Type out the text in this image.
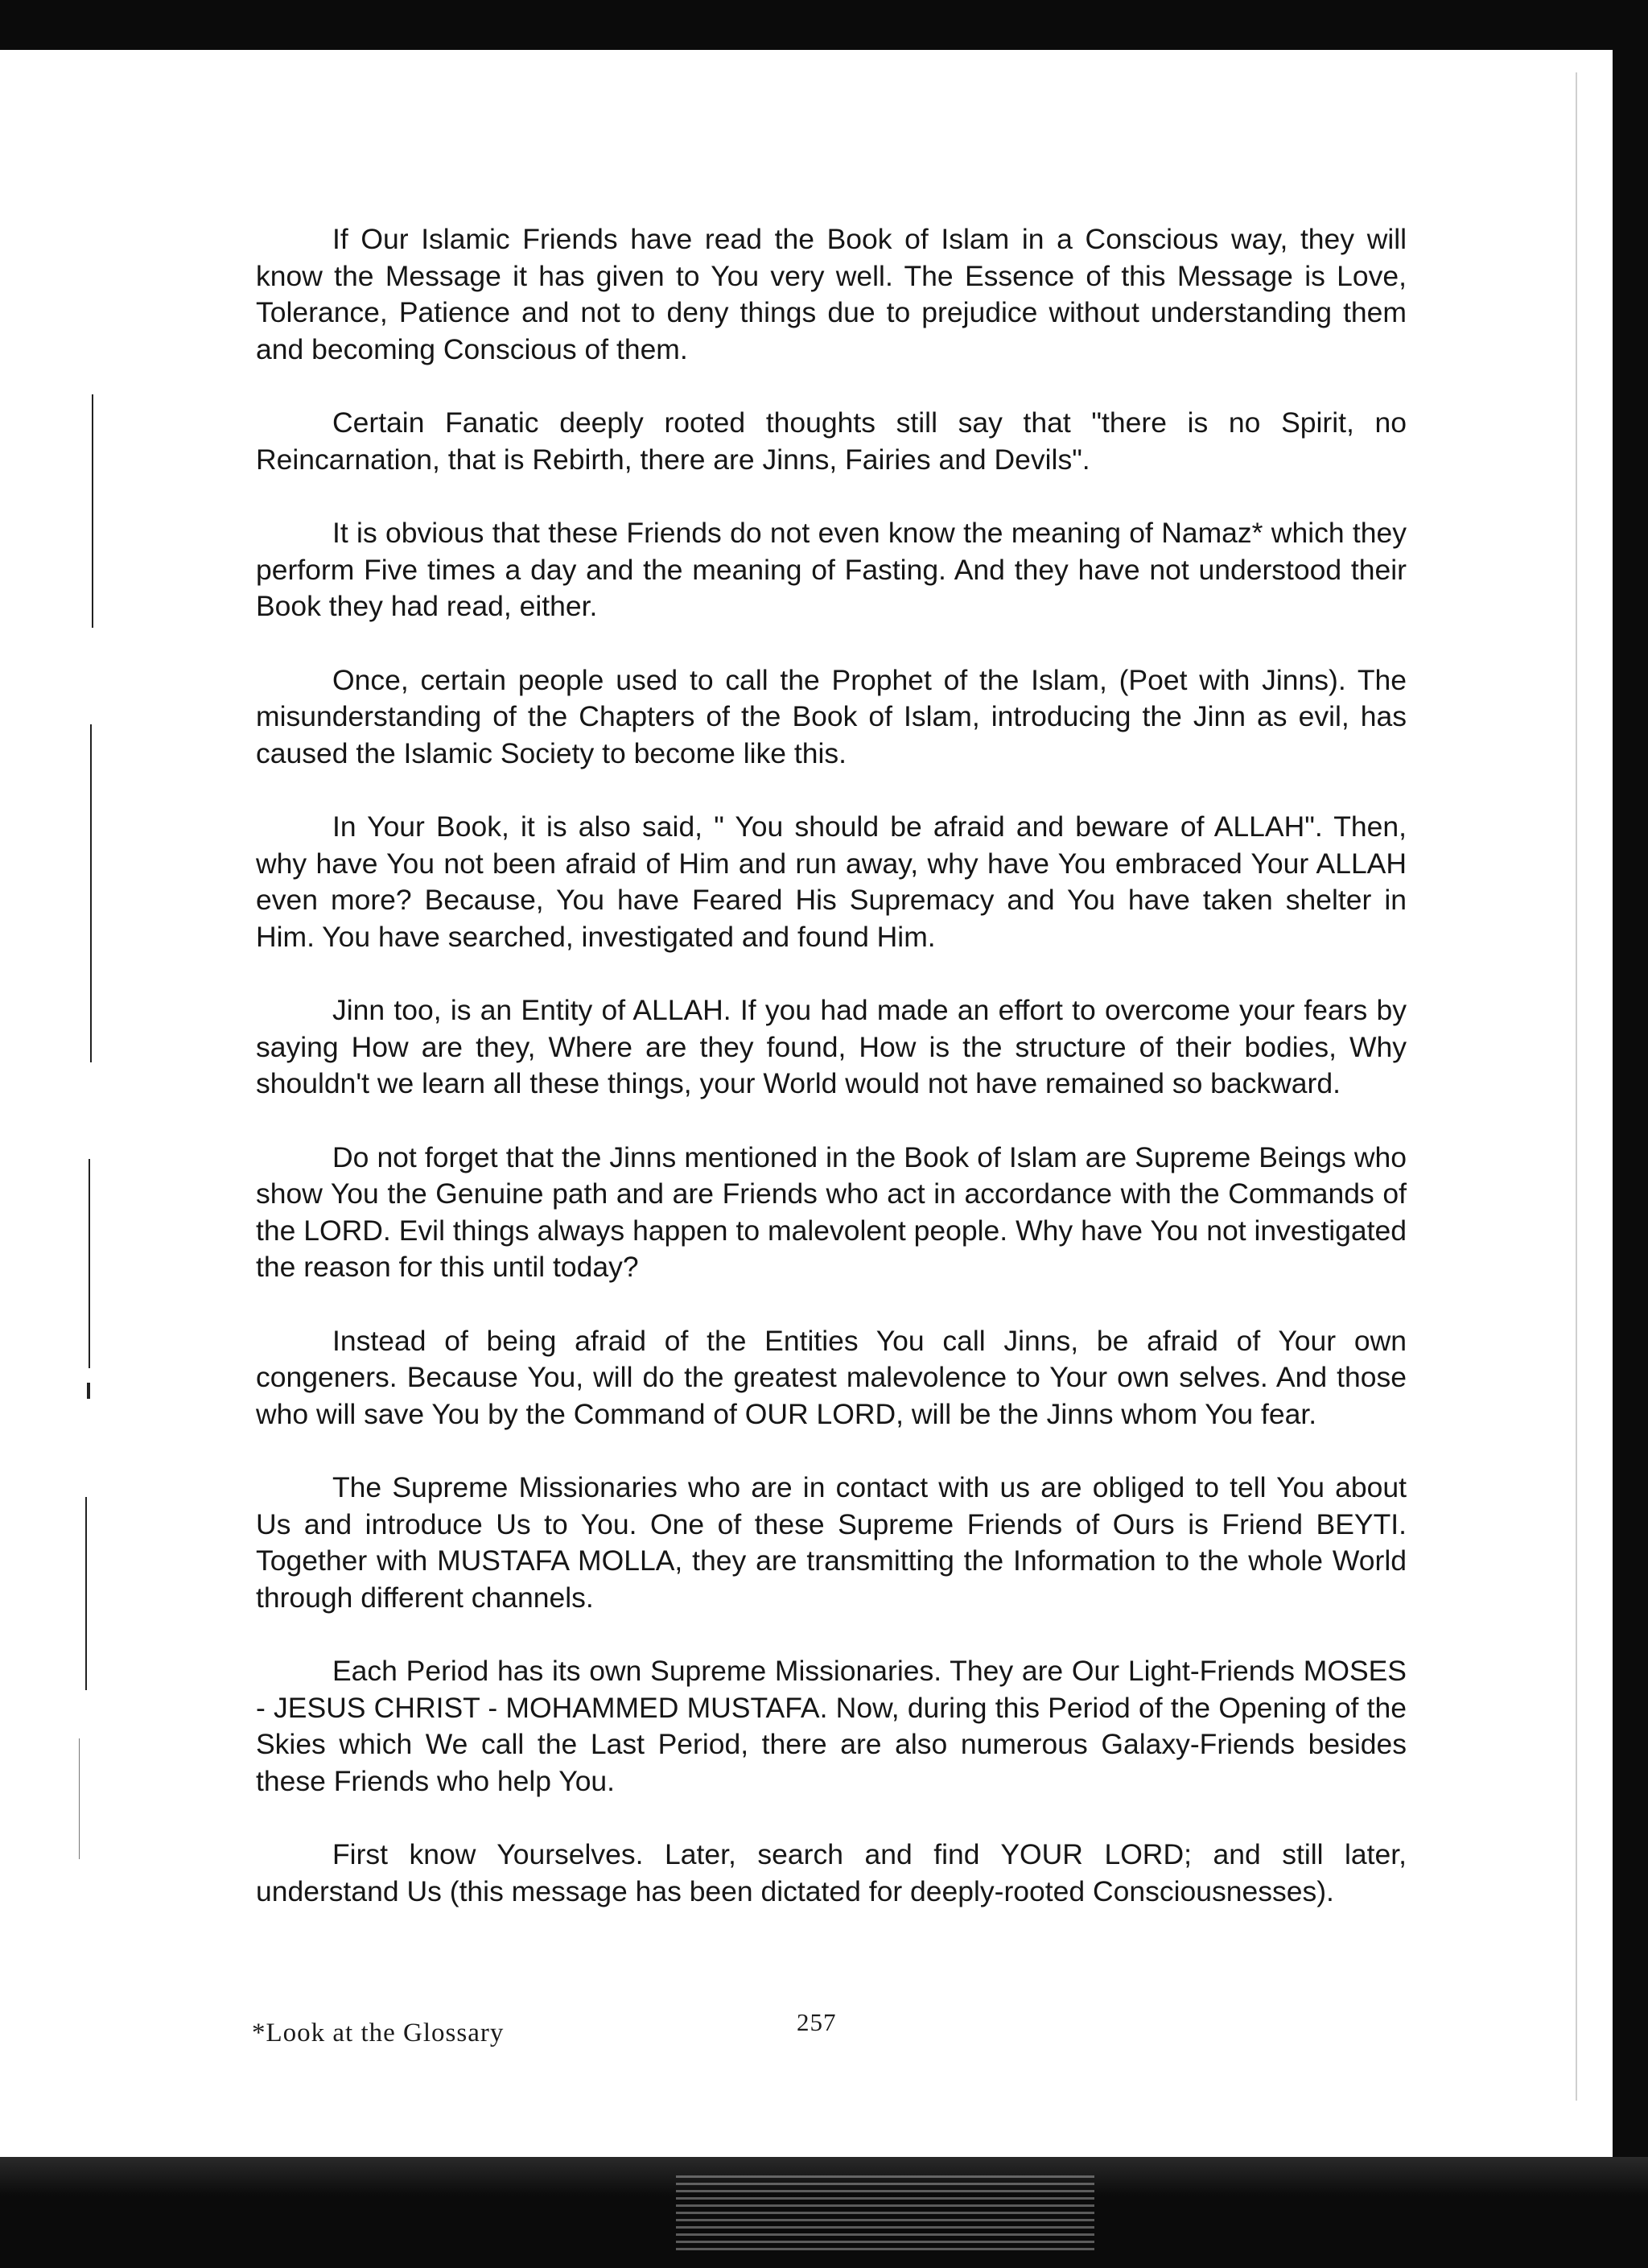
If Our Islamic Friends have read the Book of Islam in a Conscious way, they will know the Message it has given to You very well. The Essence of this Message is Love, Tolerance, Patience and not to deny things due to prejudice without understanding them and becoming Conscious of them.

Certain Fanatic deeply rooted thoughts still say that "there is no Spirit, no Reincarnation, that is Rebirth, there are Jinns, Fairies and Devils".

It is obvious that these Friends do not even know the meaning of Namaz* which they perform Five times a day and the meaning of Fasting. And they have not understood their Book they had read, either.

Once, certain people used to call the Prophet of the Islam, (Poet with Jinns). The misunderstanding of the Chapters of the Book of Islam, introducing the Jinn as evil, has caused the Islamic Society to become like this.

In Your Book, it is also said, " You should be afraid and beware of ALLAH". Then, why have You not been afraid of Him and run away, why have You embraced Your ALLAH even more? Because, You have Feared His Supremacy and You have taken shelter in Him. You have searched, investigated and found Him.

Jinn too, is an Entity of ALLAH. If you had made an effort to overcome your fears by saying How are they, Where are they found, How is the structure of their bodies, Why shouldn't we learn all these things, your World would not have remained so backward.

Do not forget that the Jinns mentioned in the Book of Islam are Supreme Beings who show You the Genuine path and are Friends who act in accordance with the Commands of the LORD. Evil things always happen to malevolent people. Why have You not investigated the reason for this until today?

Instead of being afraid of the Entities You call Jinns, be afraid of Your own congeners. Because You, will do the greatest malevolence to Your own selves. And those who will save You by the Command of OUR LORD, will be the Jinns whom You fear.

The Supreme Missionaries who are in contact with us are obliged to tell You about Us and introduce Us to You. One of these Supreme Friends of Ours is Friend BEYTI. Together with MUSTAFA MOLLA, they are transmitting the Information to the whole World through different channels.

Each Period has its own Supreme Missionaries. They are Our Light-Friends MOSES - JESUS CHRIST - MOHAMMED MUSTAFA. Now, during this Period of the Opening of the Skies which We call the Last Period, there are also numerous Galaxy-Friends besides these Friends who help You.

First know Yourselves. Later, search and find YOUR LORD; and still later, understand Us (this message has been dictated for deeply-rooted Consciousnesses).

*Look at the Glossary	257
